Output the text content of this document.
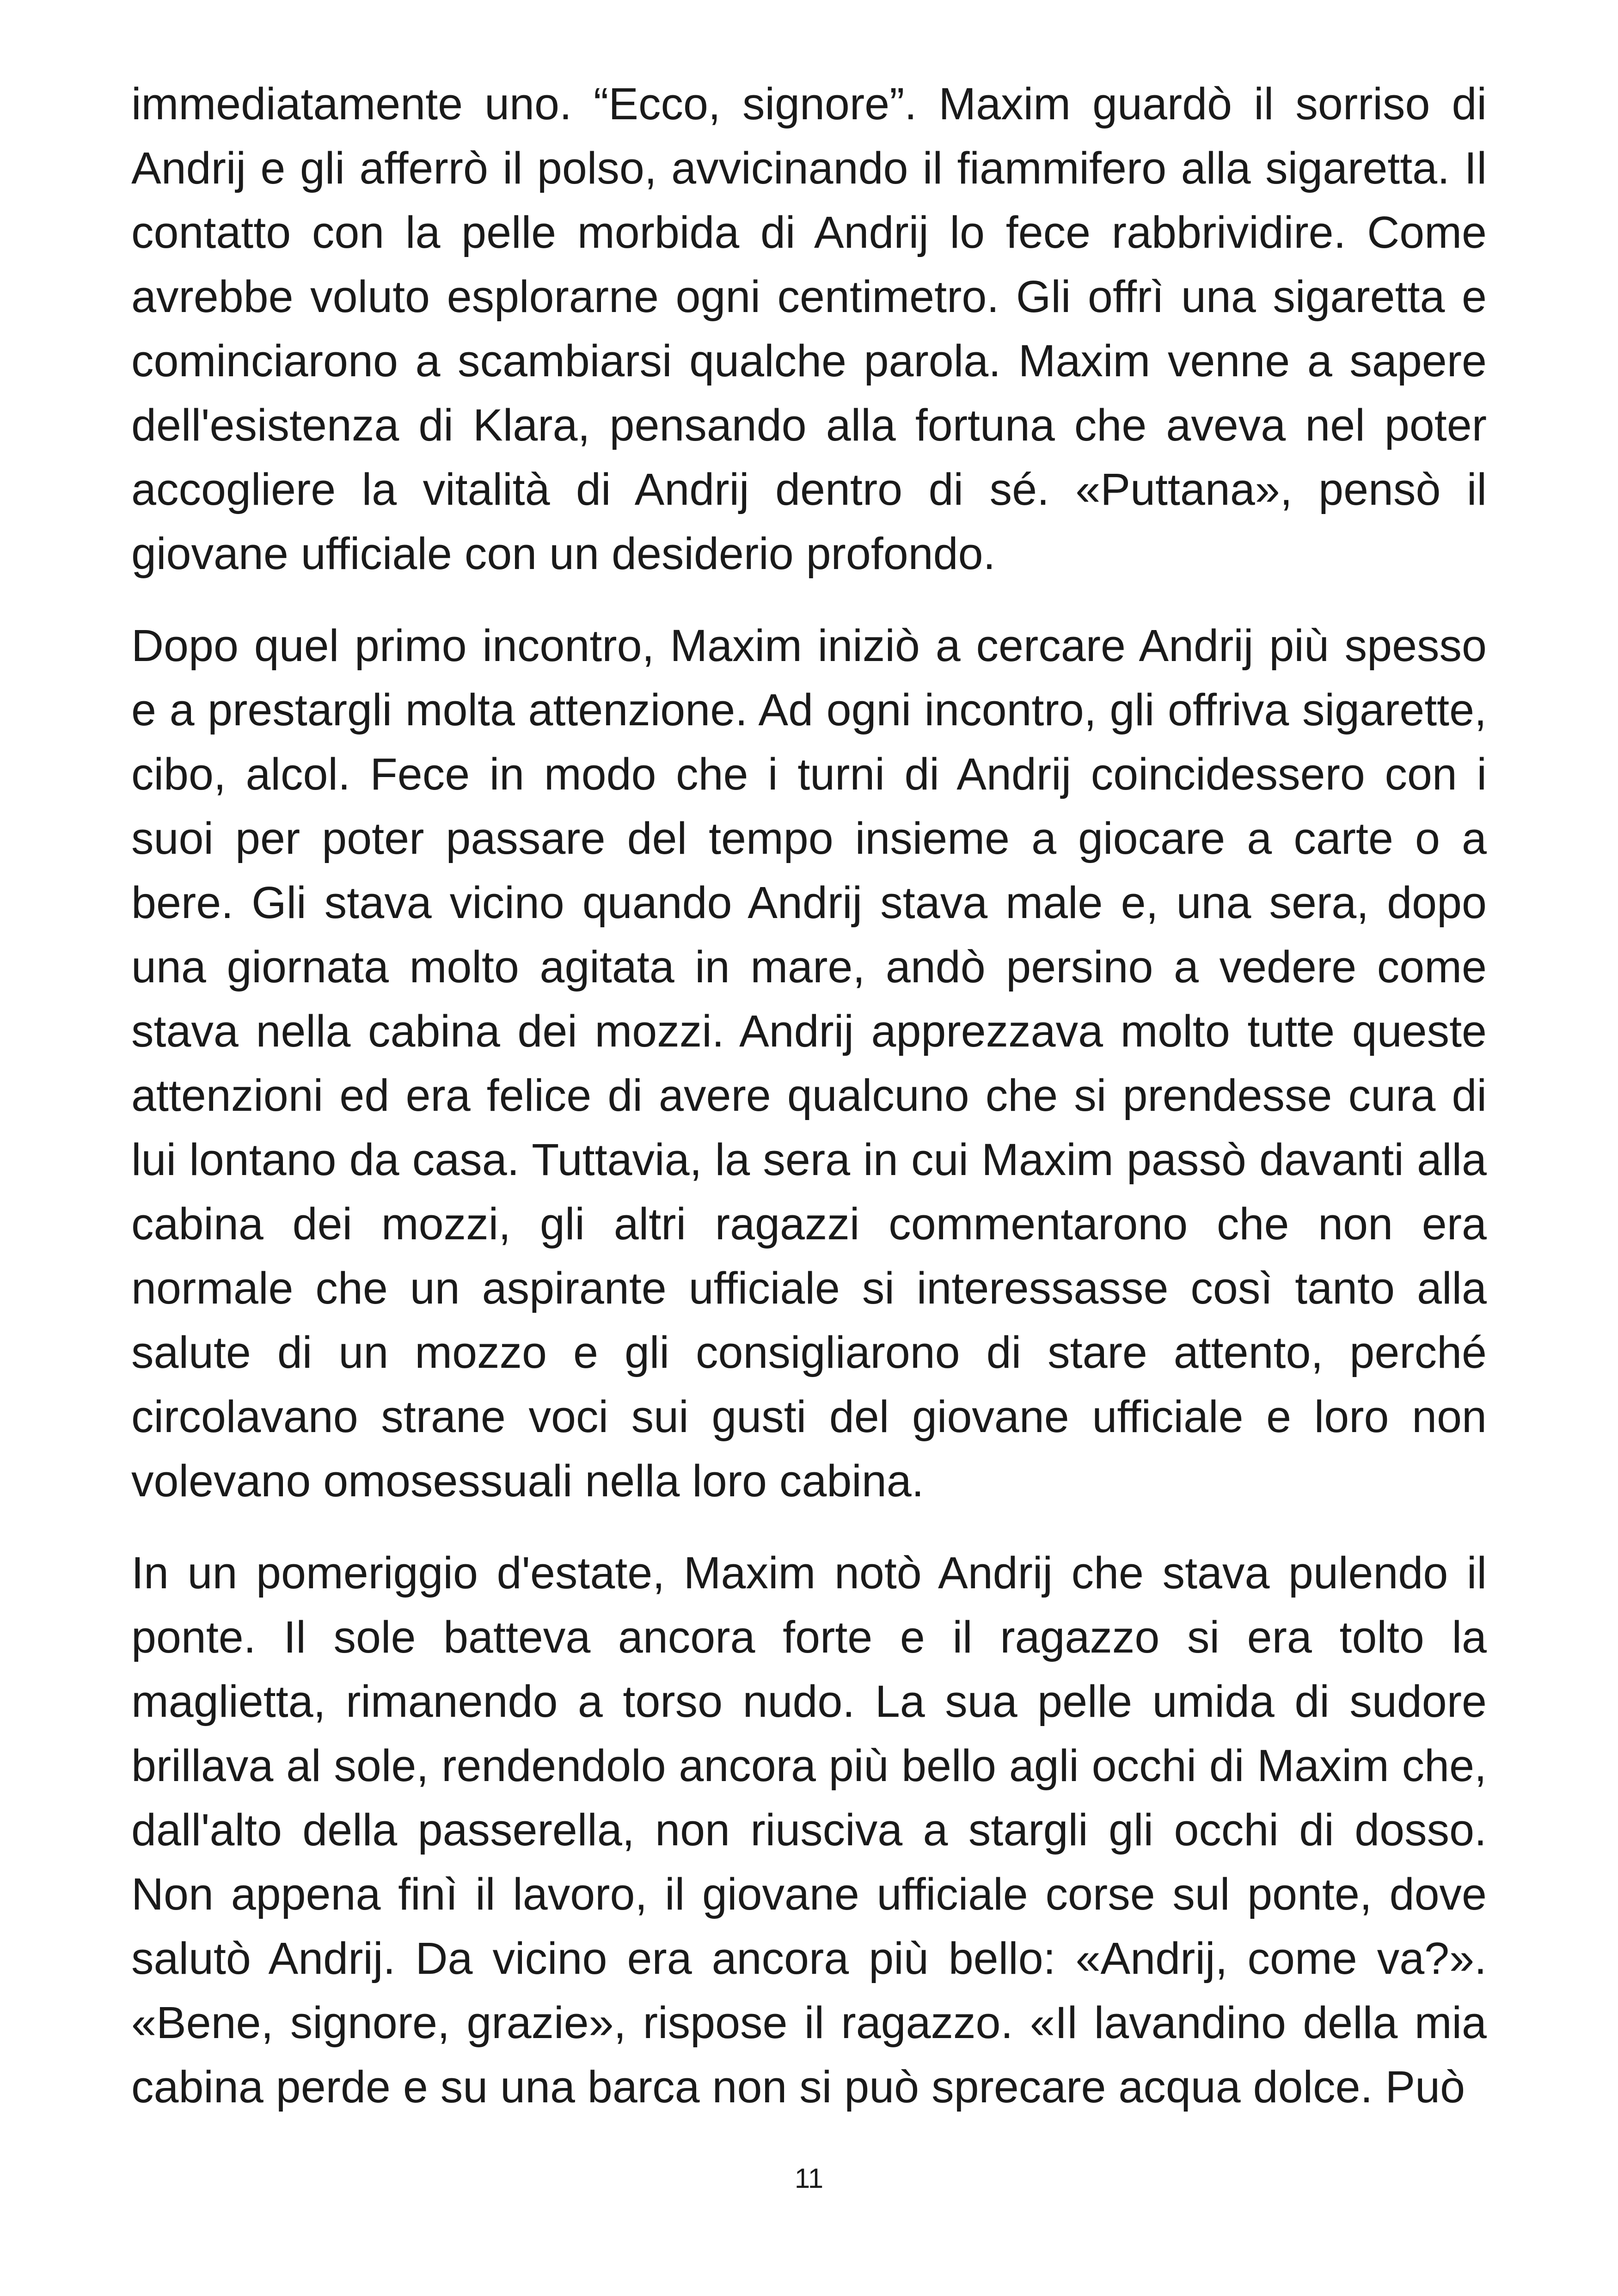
immediatamente uno. “Ecco, signore”. Maxim guardò il sorriso di Andrij e gli afferrò il polso, avvicinando il fiammifero alla sigaretta. Il contatto con la pelle morbida di Andrij lo fece rabbrividire. Come avrebbe voluto esplorarne ogni centimetro. Gli offrì una sigaretta e cominciarono a scambiarsi qualche parola. Maxim venne a sapere dell'esistenza di Klara, pensando alla fortuna che aveva nel poter accogliere la vitalità di Andrij dentro di sé. «Puttana», pensò il giovane ufficiale con un desiderio profondo.

Dopo quel primo incontro, Maxim iniziò a cercare Andrij più spesso e a prestargli molta attenzione. Ad ogni incontro, gli offriva sigarette, cibo, alcol. Fece in modo che i turni di Andrij coincidessero con i suoi per poter passare del tempo insieme a giocare a carte o a bere. Gli stava vicino quando Andrij stava male e, una sera, dopo una giornata molto agitata in mare, andò persino a vedere come stava nella cabina dei mozzi. Andrij apprezzava molto tutte queste attenzioni ed era felice di avere qualcuno che si prendesse cura di lui lontano da casa. Tuttavia, la sera in cui Maxim passò davanti alla cabina dei mozzi, gli altri ragazzi commentarono che non era normale che un aspirante ufficiale si interessasse così tanto alla salute di un mozzo e gli consigliarono di stare attento, perché circolavano strane voci sui gusti del giovane ufficiale e loro non volevano omosessuali nella loro cabina.

In un pomeriggio d'estate, Maxim notò Andrij che stava pulendo il ponte. Il sole batteva ancora forte e il ragazzo si era tolto la maglietta, rimanendo a torso nudo. La sua pelle umida di sudore brillava al sole, rendendolo ancora più bello agli occhi di Maxim che, dall'alto della passerella, non riusciva a stargli gli occhi di dosso. Non appena finì il lavoro, il giovane ufficiale corse sul ponte, dove salutò Andrij. Da vicino era ancora più bello: «Andrij, come va?». «Bene, signore, grazie», rispose il ragazzo. «Il lavandino della mia cabina perde e su una barca non si può sprecare acqua dolce. Può

11
